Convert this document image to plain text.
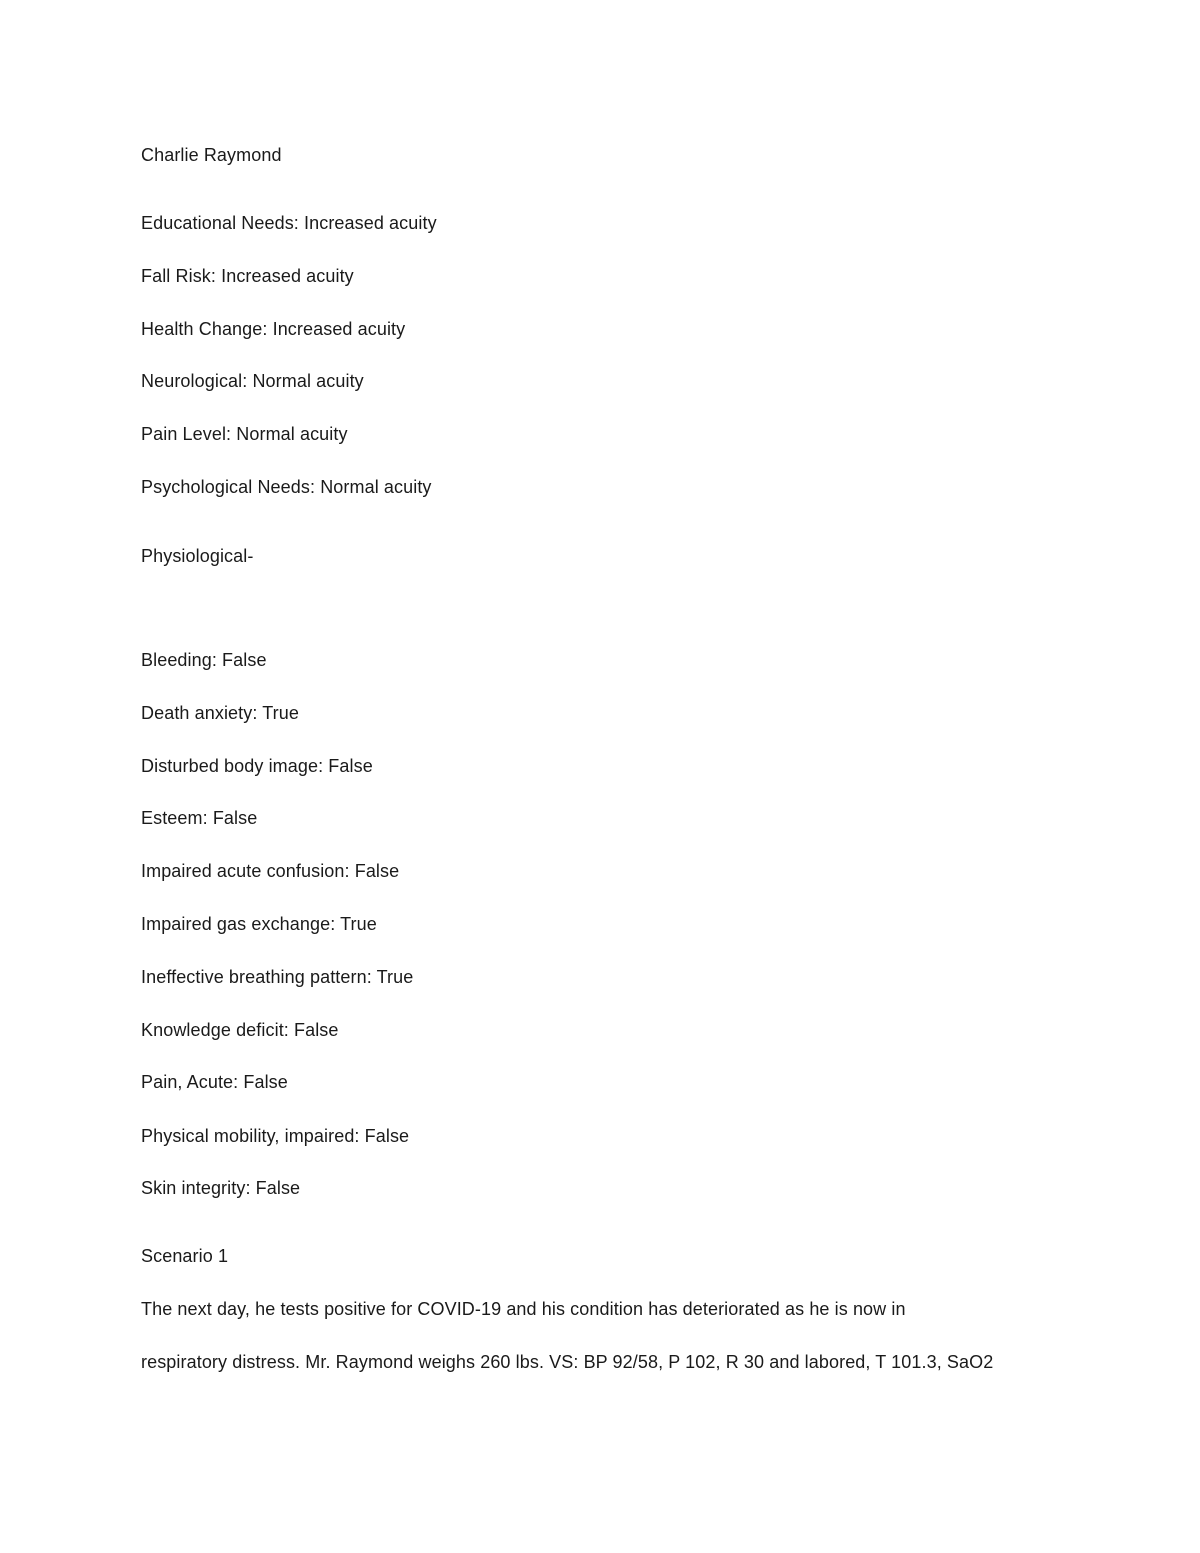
Charlie Raymond
Educational Needs: Increased acuity
Fall Risk: Increased acuity
Health Change: Increased acuity
Neurological: Normal acuity
Pain Level: Normal acuity
Psychological Needs: Normal acuity
Physiological-
Bleeding: False
Death anxiety: True
Disturbed body image: False
Esteem: False
Impaired acute confusion: False
Impaired gas exchange: True
Ineffective breathing pattern: True
Knowledge deficit: False
Pain, Acute: False
Physical mobility, impaired: False
Skin integrity: False
Scenario 1
The next day, he tests positive for COVID-19 and his condition has deteriorated as he is now in
respiratory distress. Mr. Raymond weighs 260 lbs. VS: BP 92/58, P 102, R 30 and labored, T 101.3, SaO2
